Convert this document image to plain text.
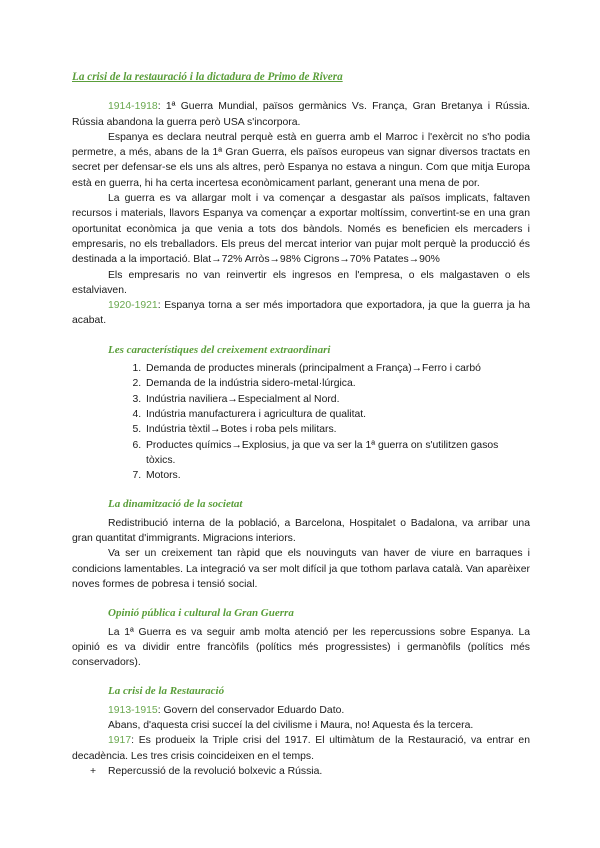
La crisi de la restauració i la dictadura de Primo de Rivera

1914-1918: 1ª Guerra Mundial, països germànics Vs. França, Gran Bretanya i Rússia. Rússia abandona la guerra però USA s'incorpora.

Espanya es declara neutral perquè està en guerra amb el Marroc i l'exèrcit no s'ho podia permetre, a més, abans de la 1ª Gran Guerra, els països europeus van signar diversos tractats en secret per defensar-se els uns als altres, però Espanya no estava a ningun. Com que mitja Europa està en guerra, hi ha certa incertesa econòmicament parlant, generant una mena de por.

La guerra es va allargar molt i va començar a desgastar als països implicats, faltaven recursos i materials, llavors Espanya va començar a exportar moltíssim, convertint-se en una gran oportunitat econòmica ja que venia a tots dos bàndols. Només es beneficien els mercaders i empresaris, no els treballadors. Els preus del mercat interior van pujar molt perquè la producció és destinada a la importació. Blat→72% Arròs→98% Cigrons→70% Patates→90%

Els empresaris no van reinvertir els ingresos en l'empresa, o els malgastaven o els estalviaven.

1920-1921: Espanya torna a ser més importadora que exportadora, ja que la guerra ja ha acabat.

Les característiques del creixement extraordinari
1. Demanda de productes minerals (principalment a França)→Ferro i carbó
2. Demanda de la indústria sidero-metal·lúrgica.
3. Indústria naviliera→Especialment al Nord.
4. Indústria manufacturera i agricultura de qualitat.
5. Indústria tèxtil→Botes i roba pels militars.
6. Productes químics→Explosius, ja que va ser la 1ª guerra on s'utilitzen gasos tòxics.
7. Motors.
La dinamització de la societat

Redistribució interna de la població, a Barcelona, Hospitalet o Badalona, va arribar una gran quantitat d'immigrants. Migracions interiors.

Va ser un creixement tan ràpid que els nouvinguts van haver de viure en barraques i condicions lamentables. La integració va ser molt difícil ja que tothom parlava català. Van aparèixer noves formes de pobresa i tensió social.

Opinió pública i cultural la Gran Guerra

La 1ª Guerra es va seguir amb molta atenció per les repercussions sobre Espanya. La opinió es va dividir entre francòfils (polítics més progressistes) i germanòfils (polítics més conservadors).

La crisi de la Restauració

1913-1915: Govern del conservador Eduardo Dato.

Abans, d'aquesta crisi succeí la del civilisme i Maura, no! Aquesta és la tercera.

1917: Es produeix la Triple crisi del 1917. El ultimàtum de la Restauració, va entrar en decadència. Les tres crisis coincideixen en el temps.

+ Repercussió de la revolució bolxevic a Rússia.
